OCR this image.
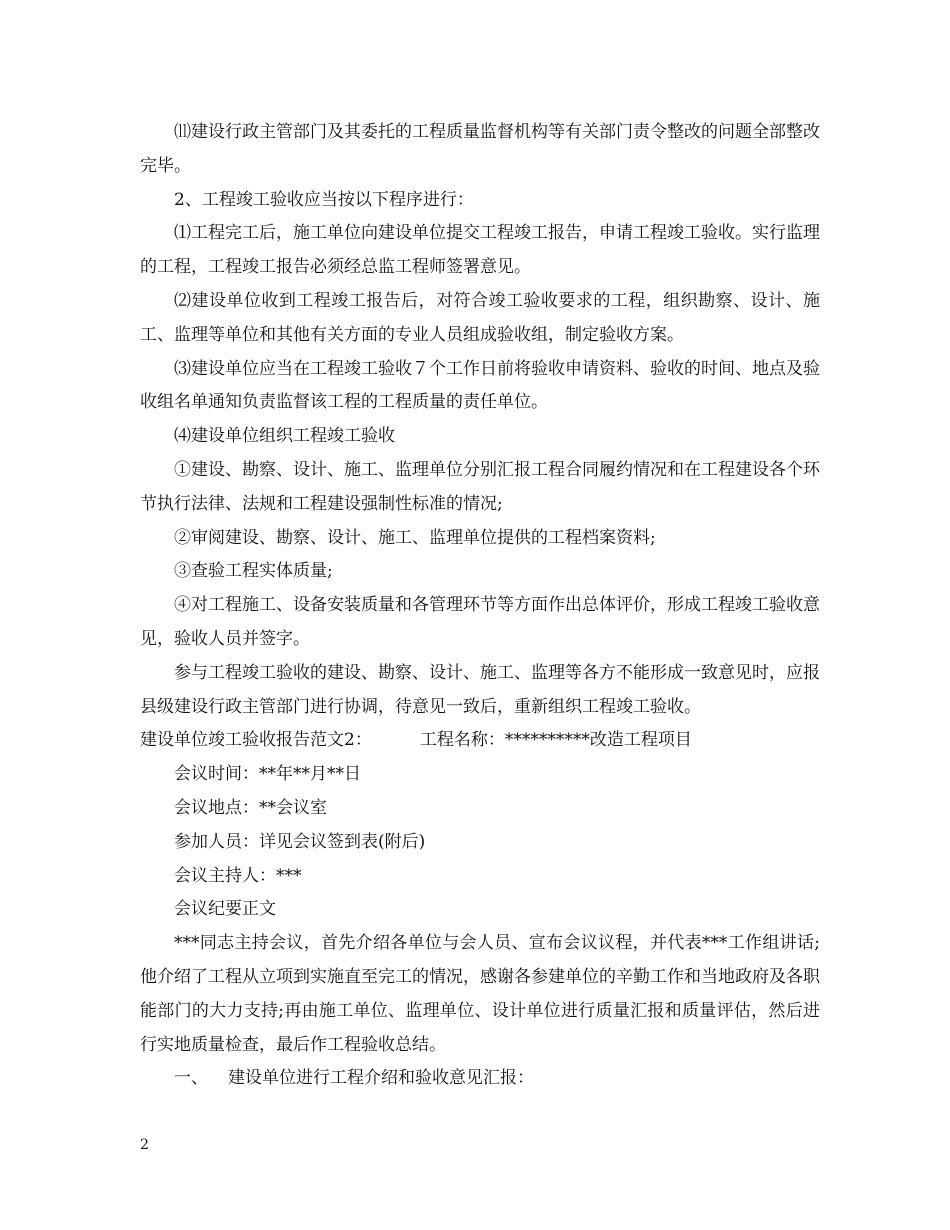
⑾建设行政主管部门及其委托的工程质量监督机构等有关部门责令整改的问题全部整改完毕。

2、工程竣工验收应当按以下程序进行：

⑴工程完工后，施工单位向建设单位提交工程竣工报告，申请工程竣工验收。实行监理的工程，工程竣工报告必须经总监工程师签署意见。

⑵建设单位收到工程竣工报告后，对符合竣工验收要求的工程，组织勘察、设计、施工、监理等单位和其他有关方面的专业人员组成验收组，制定验收方案。

⑶建设单位应当在工程竣工验收７个工作日前将验收申请资料、验收的时间、地点及验收组名单通知负责监督该工程的工程质量的责任单位。

⑷建设单位组织工程竣工验收

①建设、勘察、设计、施工、监理单位分别汇报工程合同履约情况和在工程建设各个环节执行法律、法规和工程建设强制性标准的情况;

②审阅建设、勘察、设计、施工、监理单位提供的工程档案资料;

③查验工程实体质量;

④对工程施工、设备安装质量和各管理环节等方面作出总体评价，形成工程竣工验收意见，验收人员并签字。

参与工程竣工验收的建设、勘察、设计、施工、监理等各方不能形成一致意见时，应报县级建设行政主管部门进行协调，待意见一致后，重新组织工程竣工验收。

建设单位竣工验收报告范文2：	工程名称：**********改造工程项目

会议时间：**年**月**日

会议地点：**会议室

参加人员：详见会议签到表(附后)

会议主持人：***

会议纪要正文

***同志主持会议，首先介绍各单位与会人员、宣布会议议程，并代表***工作组讲话;他介绍了工程从立项到实施直至完工的情况，感谢各参建单位的辛勤工作和当地政府及各职能部门的大力支持;再由施工单位、监理单位、设计单位进行质量汇报和质量评估，然后进行实地质量检查，最后作工程验收总结。

一、 建设单位进行工程介绍和验收意见汇报：

2
